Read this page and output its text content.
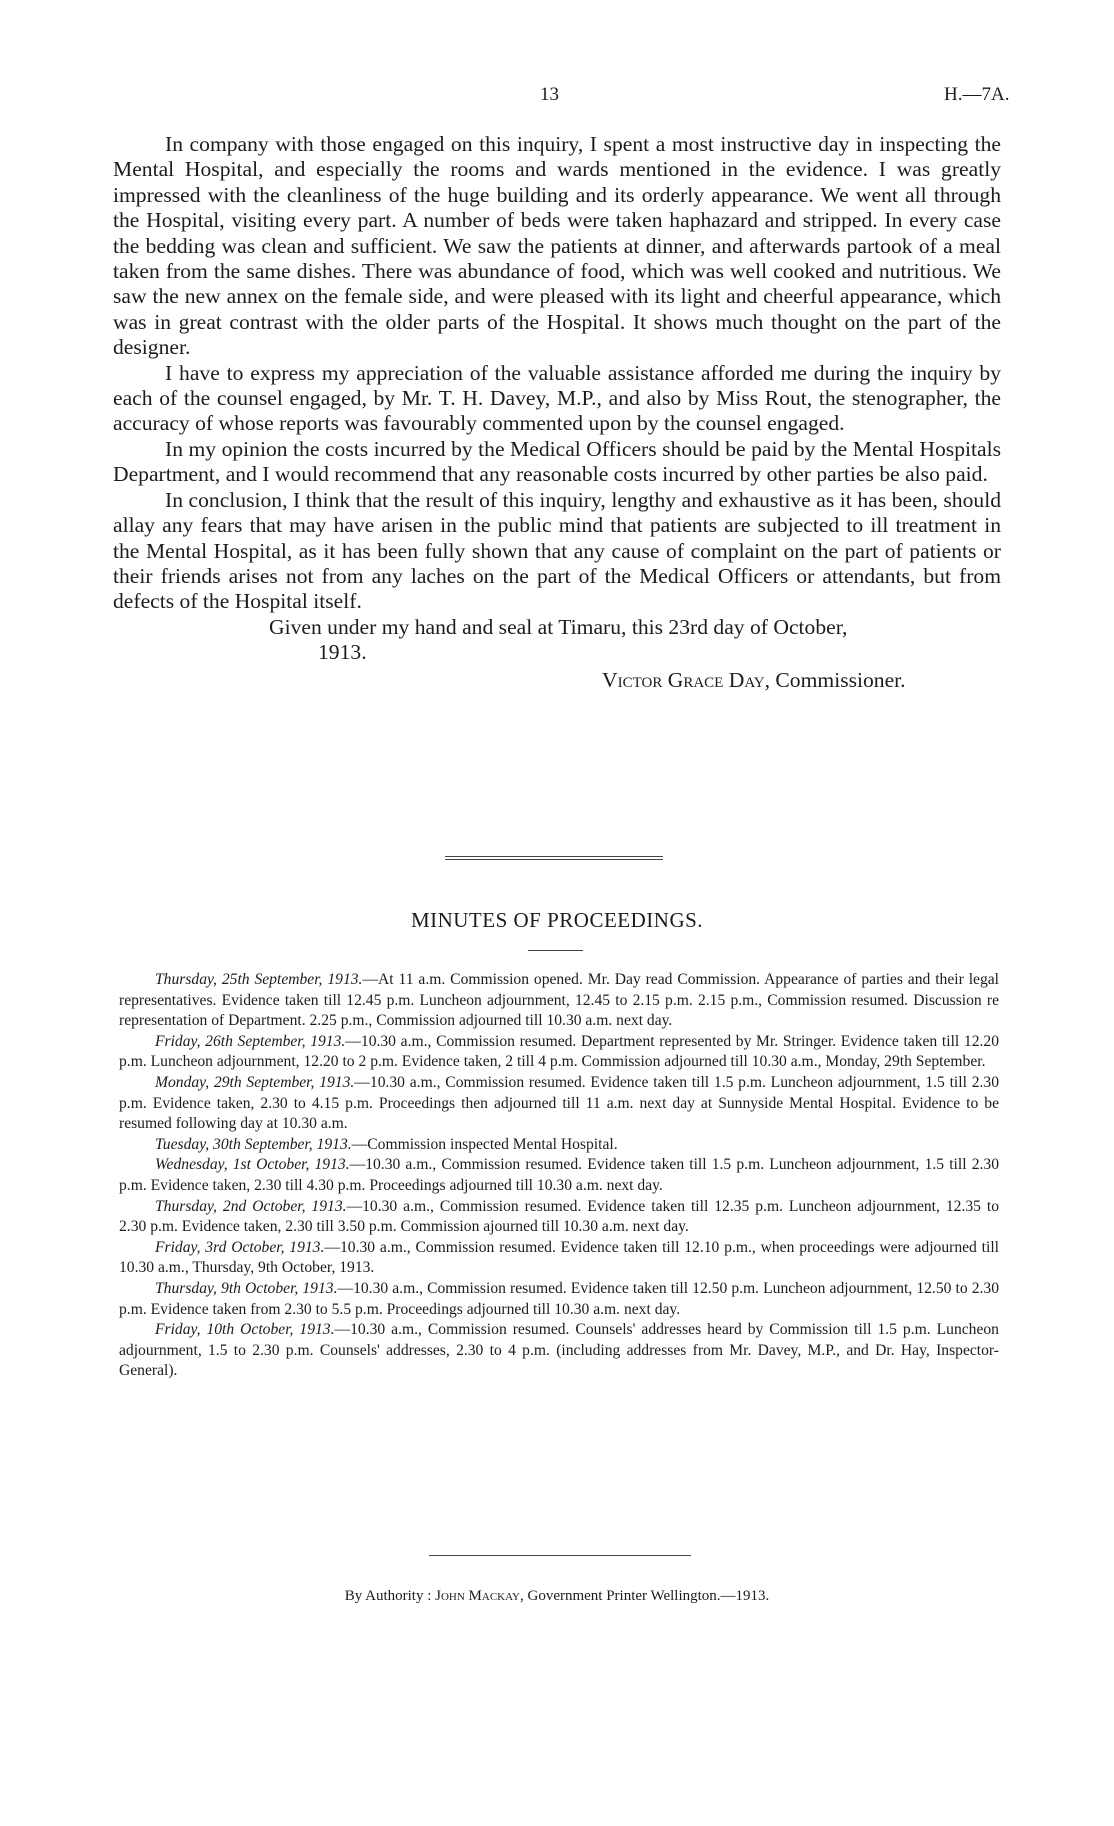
13	H.—7A.

In company with those engaged on this inquiry, I spent a most instructive day in inspecting the Mental Hospital, and especially the rooms and wards mentioned in the evidence. I was greatly impressed with the cleanliness of the huge building and its orderly appearance. We went all through the Hospital, visiting every part. A number of beds were taken haphazard and stripped. In every case the bedding was clean and sufficient. We saw the patients at dinner, and afterwards partook of a meal taken from the same dishes. There was abundance of food, which was well cooked and nutritious. We saw the new annex on the female side, and were pleased with its light and cheerful appearance, which was in great contrast with the older parts of the Hospital. It shows much thought on the part of the designer.

I have to express my appreciation of the valuable assistance afforded me during the inquiry by each of the counsel engaged, by Mr. T. H. Davey, M.P., and also by Miss Rout, the stenographer, the accuracy of whose reports was favourably commented upon by the counsel engaged.

In my opinion the costs incurred by the Medical Officers should be paid by the Mental Hospitals Department, and I would recommend that any reasonable costs incurred by other parties be also paid.

In conclusion, I think that the result of this inquiry, lengthy and exhaustive as it has been, should allay any fears that may have arisen in the public mind that patients are subjected to ill treatment in the Mental Hospital, as it has been fully shown that any cause of complaint on the part of patients or their friends arises not from any laches on the part of the Medical Officers or attendants, but from defects of the Hospital itself.

Given under my hand and seal at Timaru, this 23rd day of October,

1913.

Victor Grace Day, Commissioner.

MINUTES OF PROCEEDINGS.

Thursday, 25th September, 1913.—At 11 a.m. Commission opened. Mr. Day read Commission. Appearance of parties and their legal representatives. Evidence taken till 12.45 p.m. Luncheon adjournment, 12.45 to 2.15 p.m. 2.15 p.m., Commission resumed. Discussion re representation of Department. 2.25 p.m., Commission adjourned till 10.30 a.m. next day.

Friday, 26th September, 1913.—10.30 a.m., Commission resumed. Department represented by Mr. Stringer. Evidence taken till 12.20 p.m. Luncheon adjournment, 12.20 to 2 p.m. Evidence taken, 2 till 4 p.m. Commission adjourned till 10.30 a.m., Monday, 29th September.

Monday, 29th September, 1913.—10.30 a.m., Commission resumed. Evidence taken till 1.5 p.m. Luncheon adjournment, 1.5 till 2.30 p.m. Evidence taken, 2.30 to 4.15 p.m. Proceedings then adjourned till 11 a.m. next day at Sunnyside Mental Hospital. Evidence to be resumed following day at 10.30 a.m.

Tuesday, 30th September, 1913.—Commission inspected Mental Hospital.

Wednesday, 1st October, 1913.—10.30 a.m., Commission resumed. Evidence taken till 1.5 p.m. Luncheon adjournment, 1.5 till 2.30 p.m. Evidence taken, 2.30 till 4.30 p.m. Proceedings adjourned till 10.30 a.m. next day.

Thursday, 2nd October, 1913.—10.30 a.m., Commission resumed. Evidence taken till 12.35 p.m. Luncheon adjournment, 12.35 to 2.30 p.m. Evidence taken, 2.30 till 3.50 p.m. Commission ajourned till 10.30 a.m. next day.

Friday, 3rd October, 1913.—10.30 a.m., Commission resumed. Evidence taken till 12.10 p.m., when proceedings were adjourned till 10.30 a.m., Thursday, 9th October, 1913.

Thursday, 9th October, 1913.—10.30 a.m., Commission resumed. Evidence taken till 12.50 p.m. Luncheon adjournment, 12.50 to 2.30 p.m. Evidence taken from 2.30 to 5.5 p.m. Proceedings adjourned till 10.30 a.m. next day.

Friday, 10th October, 1913.—10.30 a.m., Commission resumed. Counsels' addresses heard by Commission till 1.5 p.m. Luncheon adjournment, 1.5 to 2.30 p.m. Counsels' addresses, 2.30 to 4 p.m. (including addresses from Mr. Davey, M.P., and Dr. Hay, Inspector-General).

By Authority : John Mackay, Government Printer Wellington.—1913.
